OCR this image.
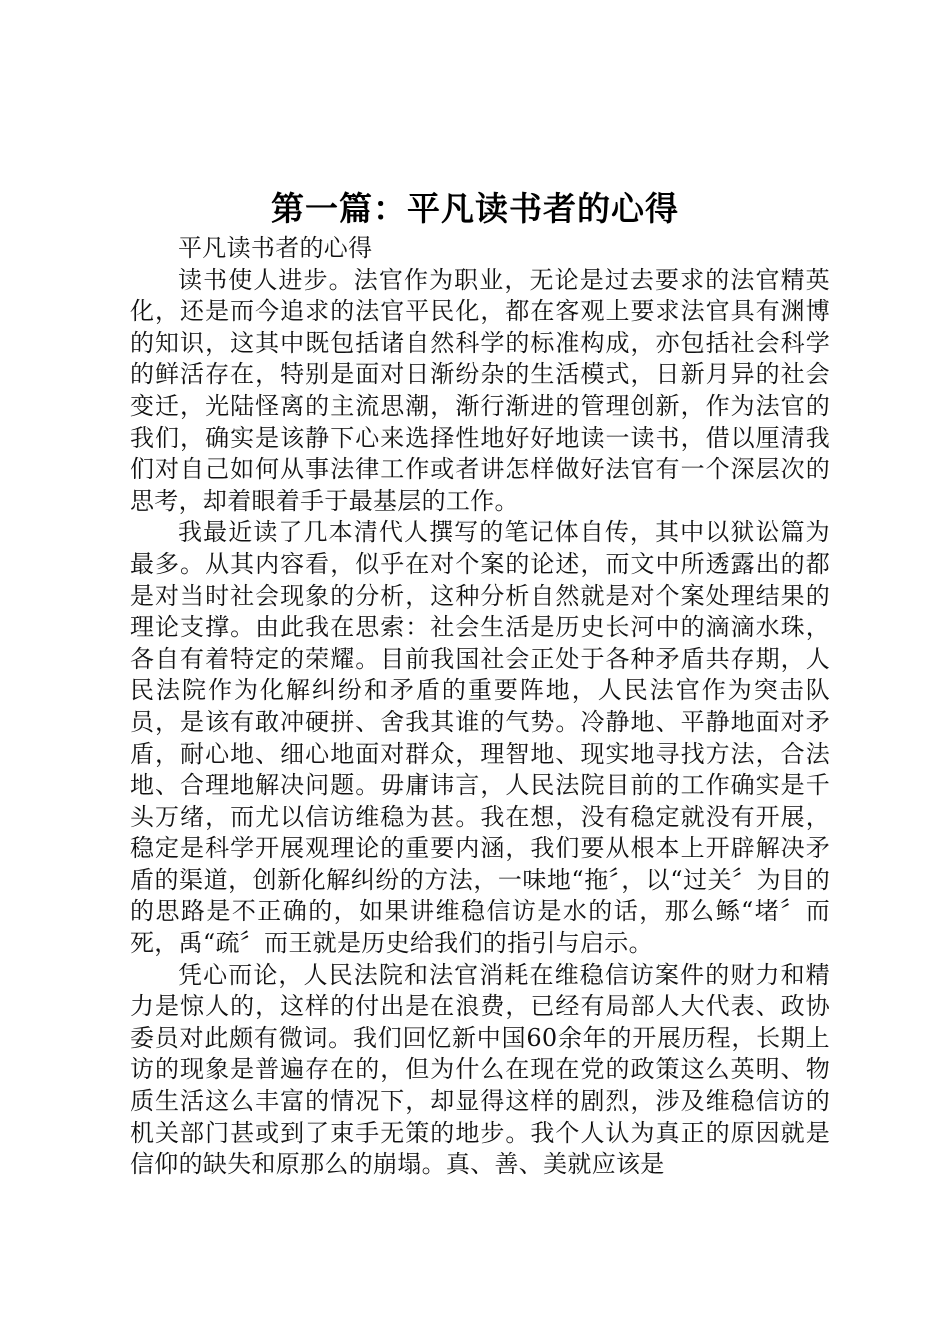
第一篇：平凡读书者的心得

平凡读书者的心得

读书使人进步。法官作为职业，无论是过去要求的法官精英化，还是而今追求的法官平民化，都在客观上要求法官具有渊博的知识，这其中既包括诸自然科学的标准构成，亦包括社会科学的鲜活存在，特别是面对日渐纷杂的生活模式，日新月异的社会变迁，光陆怪离的主流思潮，渐行渐进的管理创新，作为法官的我们，确实是该静下心来选择性地好好地读一读书，借以厘清我们对自己如何从事法律工作或者讲怎样做好法官有一个深层次的思考，却着眼着手于最基层的工作。

我最近读了几本清代人撰写的笔记体自传，其中以狱讼篇为最多。从其内容看，似乎在对个案的论述，而文中所透露出的都是对当时社会现象的分析，这种分析自然就是对个案处理结果的理论支撑。由此我在思索：社会生活是历史长河中的滴滴水珠，各自有着特定的荣耀。目前我国社会正处于各种矛盾共存期，人民法院作为化解纠纷和矛盾的重要阵地，人民法官作为突击队员，是该有敢冲硬拼、舍我其谁的气势。冷静地、平静地面对矛盾，耐心地、细心地面对群众，理智地、现实地寻找方法，合法地、合理地解决问题。毋庸讳言，人民法院目前的工作确实是千头万绪，而尤以信访维稳为甚。我在想，没有稳定就没有开展，稳定是科学开展观理论的重要内涵，我们要从根本上开辟解决矛盾的渠道，创新化解纠纷的方法，一味地“拖〞，以“过关〞为目的的思路是不正确的，如果讲维稳信访是水的话，那么鲧“堵〞而死，禹“疏〞而王就是历史给我们的指引与启示。

凭心而论，人民法院和法官消耗在维稳信访案件的财力和精力是惊人的，这样的付出是在浪费，已经有局部人大代表、政协委员对此颇有微词。我们回忆新中国60余年的开展历程，长期上访的现象是普遍存在的，但为什么在现在党的政策这么英明、物质生活这么丰富的情况下，却显得这样的剧烈，涉及维稳信访的机关部门甚或到了束手无策的地步。我个人认为真正的原因就是信仰的缺失和原那么的崩塌。真、善、美就应该是
